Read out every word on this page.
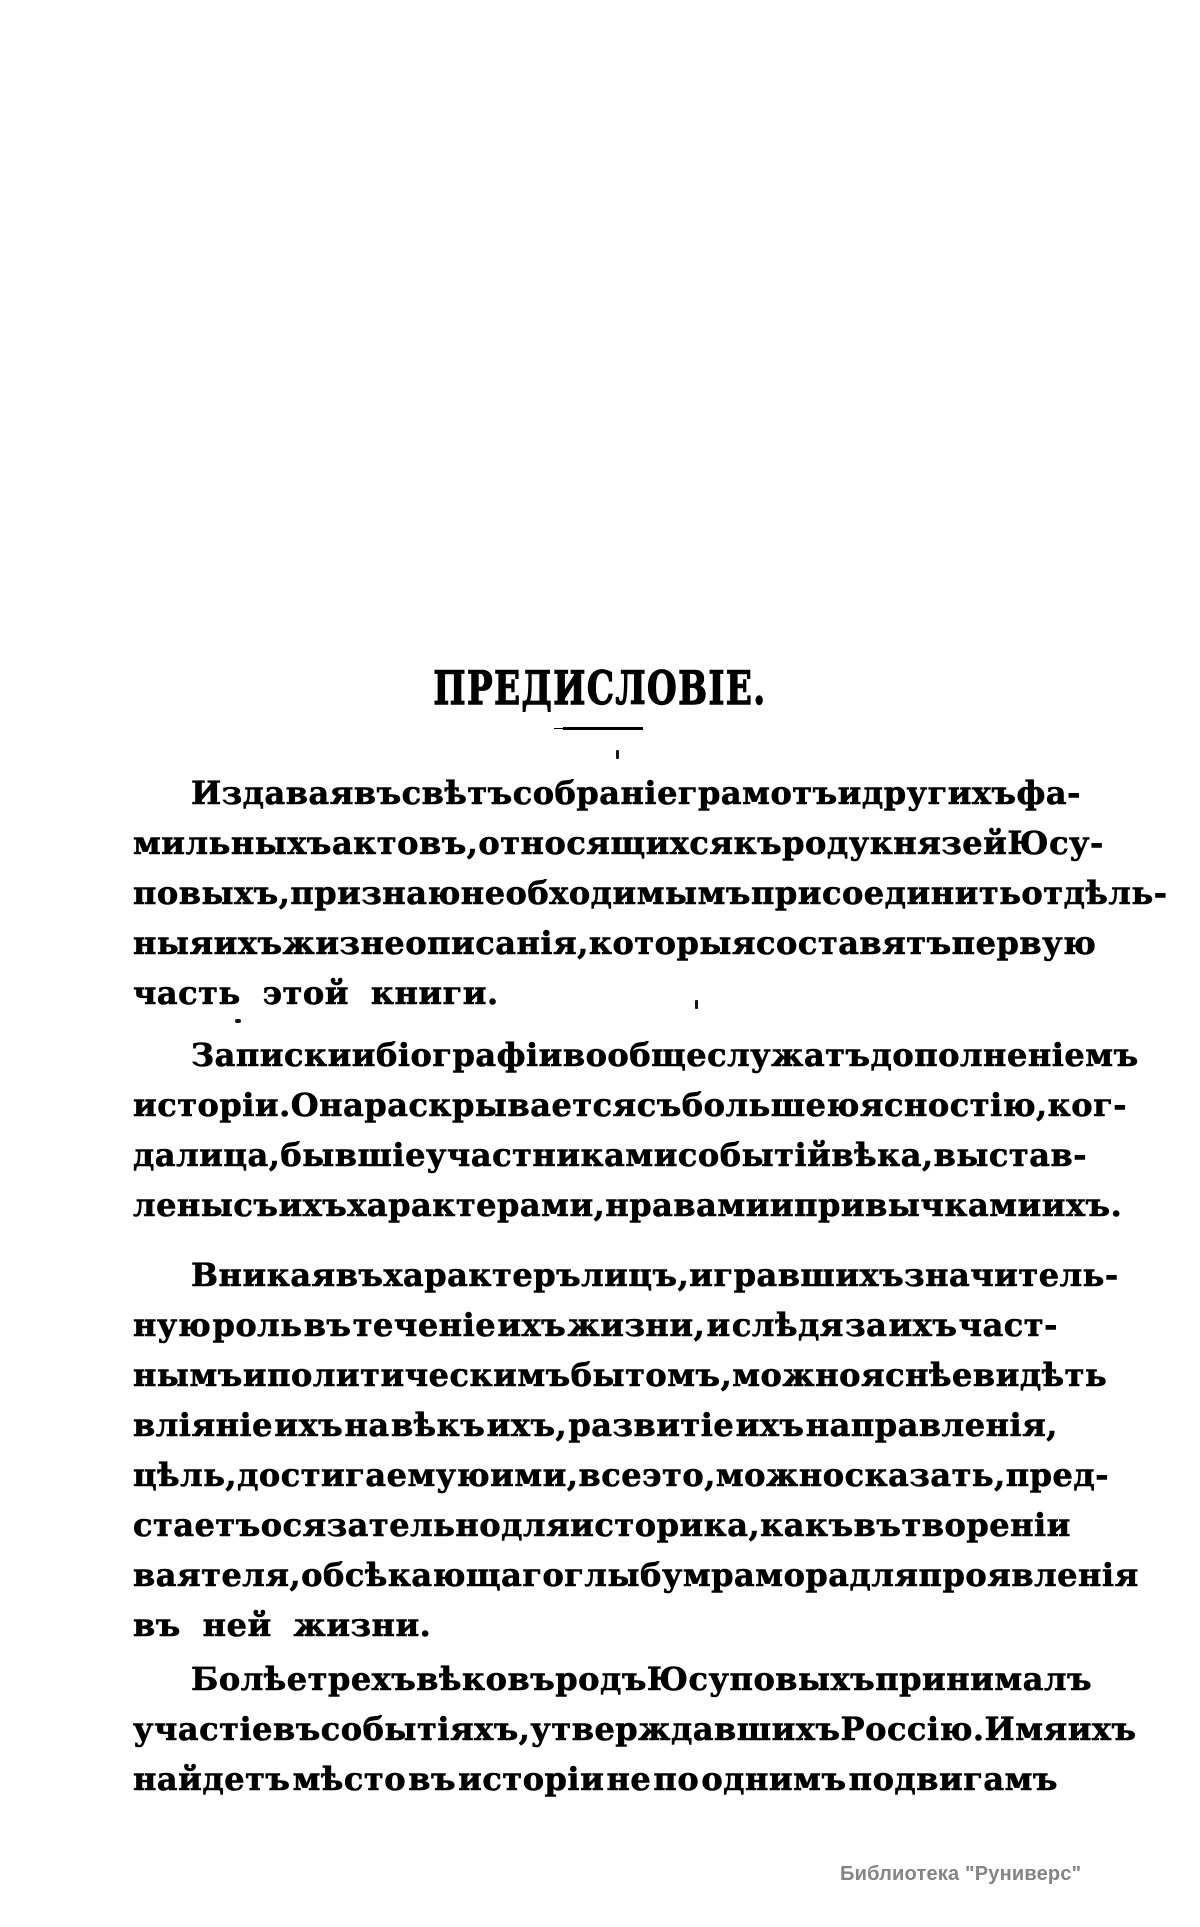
ПРЕДИСЛОВІЕ.
Издавая въ свѣтъ собраніе грамотъ и другихъ фа-
мильныхъ актовъ, относящихся къ роду князей Юсу-
повыхъ, признаю необходимымъ присоединить отдѣль-
ныя ихъ жизнеописанія, которыя составятъ первую
часть этой книги.
Записки и біографіи вообще служатъ дополненіемъ
исторіи. Она раскрывается съ большею ясностію, ког-
да лица, бывшіе участниками событій вѣка, выстав-
лены съ ихъ характерами, нравами и привычками ихъ.
Вникая въ характеръ лицъ, игравшихъ значитель-
ную роль въ теченіе ихъ жизни, и слѣдя за ихъ част-
нымъ и политическимъ бытомъ, можно яснѣе видѣть
вліяніе ихъ на вѣкъ ихъ, развитіе ихъ направленія,
цѣль, достигаемую ими, все это, можно сказать, пред-
стаетъ осязательно для историка, какъ въ твореніи
ваятеля, обсѣкающаго глыбу мрамора для проявленія
въ ней жизни.
Болѣе трехъ вѣковъ родъ Юсуповыхъ принималъ
участіе въ событіяхъ, утверждавшихъ Россію. Имя ихъ
найдетъ мѣсто въ исторіи не по однимъ подвигамъ
Библиотека "Руниверс"
